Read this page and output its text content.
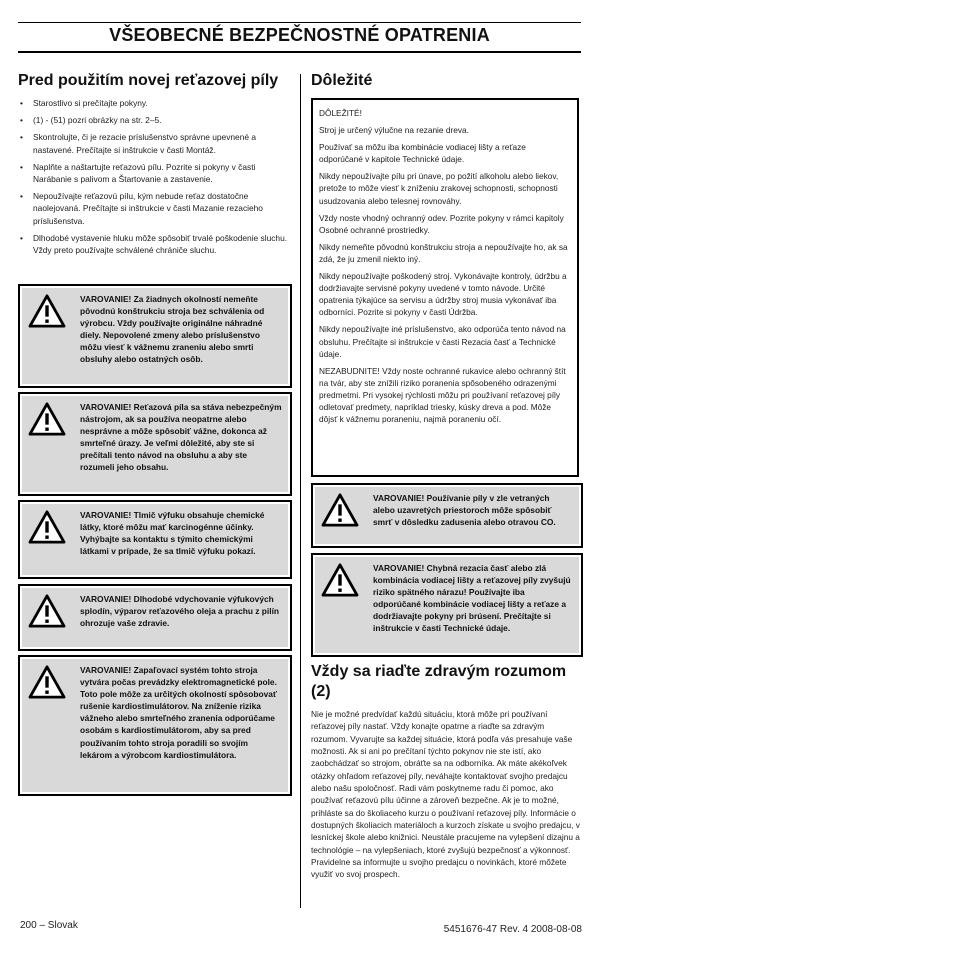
VŠEOBECNÉ BEZPEČNOSTNÉ OPATRENIA
Pred použitím novej reťazovej píly
• Starostlivo si prečítajte pokyny.
• (1) - (51) pozri obrázky na str. 2–5.
• Skontrolujte, či je rezacie príslušenstvo správne upevnené a nastavené. Prečítajte si inštrukcie v časti Montáž.
• Naplňte a naštartujte reťazovú pílu. Pozrite si pokyny v časti Narábanie s palivom a Štartovanie a zastavenie.
• Nepoužívajte reťazovú pílu, kým nebude reťaz dostatočne naolejovaná. Prečítajte si inštrukcie v časti Mazanie rezacieho príslušenstva.
• Dlhodobé vystavenie hluku môže spôsobiť trvalé poškodenie sluchu. Vždy preto používajte schválené chrániče sluchu.
VAROVANIE! Za žiadnych okolností nemeňte pôvodnú konštrukciu stroja bez schválenia od výrobcu. Vždy používajte originálne náhradné diely. Nepovolené zmeny alebo príslušenstvo môžu viesť k vážnemu zraneniu alebo smrti obsluhy alebo ostatných osôb.
VAROVANIE! Reťazová píla sa stáva nebezpečným nástrojom, ak sa používa neopatrne alebo nesprávne a môže spôsobiť vážne, dokonca až smrteľné úrazy. Je veľmi dôležité, aby ste si prečítali tento návod na obsluhu a aby ste rozumeli jeho obsahu.
VAROVANIE! Tlmič výfuku obsahuje chemické látky, ktoré môžu mať karcinogénne účinky. Vyhýbajte sa kontaktu s týmito chemickými látkami v prípade, že sa tlmič výfuku pokazí.
VAROVANIE! Dlhodobé vdychovanie výfukových splodín, výparov reťazového oleja a prachu z pilín ohrozuje vaše zdravie.
VAROVANIE! Zapaľovací systém tohto stroja vytvára počas prevádzky elektromagnetické pole. Toto pole môže za určitých okolností spôsobovať rušenie kardiostimulátorov. Na zníženie rizika vážneho alebo smrteľného zranenia odporúčame osobám s kardiostimulátorom, aby sa pred používaním tohto stroja poradili so svojím lekárom a výrobcom kardiostimulátora.
Dôležité

DÔLEŽITÉ!

Stroj je určený výlučne na rezanie dreva.

Používať sa môžu iba kombinácie vodiacej lišty a reťaze odporúčané v kapitole Technické údaje.

Nikdy nepoužívajte pílu pri únave, po požití alkoholu alebo liekov, pretože to môže viesť k zníženiu zrakovej schopnosti, schopnosti usudzovania alebo telesnej rovnováhy.

Vždy noste vhodný ochranný odev. Pozrite pokyny v rámci kapitoly Osobné ochranné prostriedky.

Nikdy nemeňte pôvodnú konštrukciu stroja a nepoužívajte ho, ak sa zdá, že ju zmenil niekto iný.

Nikdy nepoužívajte poškodený stroj. Vykonávajte kontroly, údržbu a dodržiavajte servisné pokyny uvedené v tomto návode. Určité opatrenia týkajúce sa servisu a údržby stroj musia vykonávať iba odborníci. Pozrite si pokyny v časti Údržba.

Nikdy nepoužívajte iné príslušenstvo, ako odporúča tento návod na obsluhu. Prečítajte si inštrukcie v časti Rezacia časť a Technické údaje.

NEZABUDNITE! Vždy noste ochranné rukavice alebo ochranný štít na tvár, aby ste znížili riziko poranenia spôsobeného odrazenými predmetmi. Pri vysokej rýchlosti môžu pri používaní reťazovej píly odletovať predmety, napríklad triesky, kúsky dreva a pod. Môže dôjsť k vážnemu poraneniu, najmä poraneniu očí.

VAROVANIE! Používanie píly v zle vetraných alebo uzavretých priestoroch môže spôsobiť smrť v dôsledku zadusenia alebo otravou CO.
VAROVANIE! Chybná rezacia časť alebo zlá kombinácia vodiacej lišty a reťazovej píly zvyšujú riziko spätného nárazu! Používajte iba odporúčané kombinácie vodiacej lišty a reťaze a dodržiavajte pokyny pri brúsení. Prečítajte si inštrukcie v časti Technické údaje.
Vždy sa riaďte zdravým rozumom (2)

Nie je možné predvídať každú situáciu, ktorá môže pri používaní reťazovej píly nastať. Vždy konajte opatrne a riaďte sa zdravým rozumom. Vyvarujte sa každej situácie, ktorá podľa vás presahuje vaše možnosti. Ak si ani po prečítaní týchto pokynov nie ste istí, ako zaobchádzať so strojom, obráťte sa na odborníka. Ak máte akékoľvek otázky ohľadom reťazovej píly, neváhajte kontaktovať svojho predajcu alebo našu spoločnosť. Radi vám poskytneme radu či pomoc, ako používať reťazovú pílu účinne a zároveň bezpečne. Ak je to možné, prihláste sa do školiaceho kurzu o používaní reťazovej píly. Informácie o dostupných školiacich materiáloch a kurzoch získate u svojho predajcu, v lesníckej škole alebo knižnici. Neustále pracujeme na vylepšení dizajnu a technológie – na vylepšeniach, ktoré zvyšujú bezpečnosť a výkonnosť. Pravidelne sa informujte u svojho predajcu o novinkách, ktoré môžete využiť vo svoj prospech.

200 – Slovak	5451676-47 Rev. 4 2008-08-08
